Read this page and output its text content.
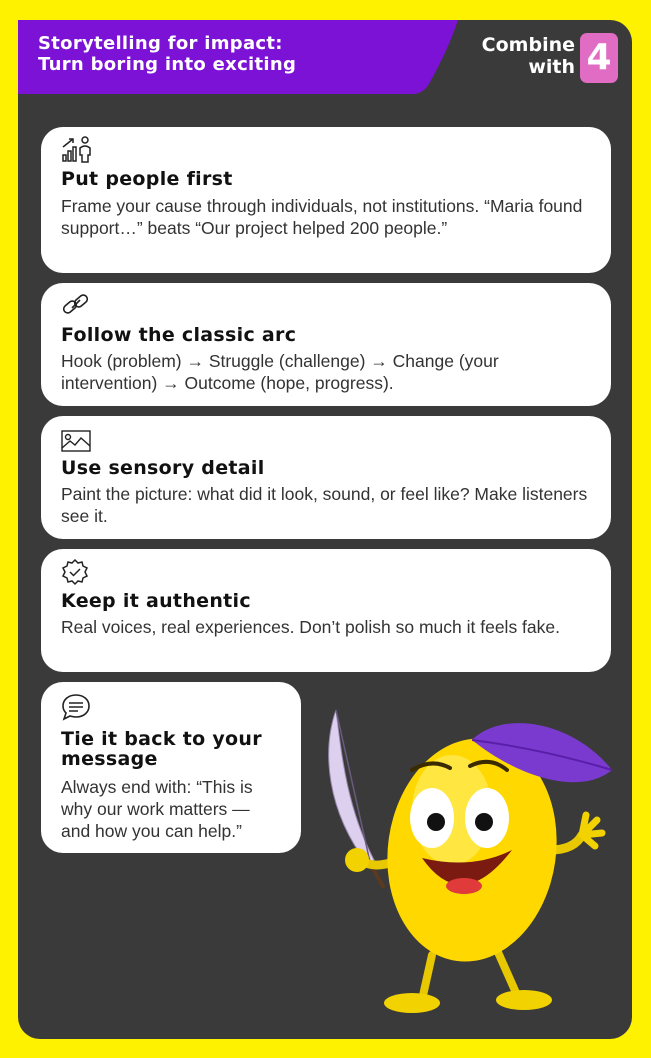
Storytelling for impact:
Turn boring into exciting
Combine
with 4
Put people first
Frame your cause through individuals, not institutions. “Maria found support…” beats “Our project helped 200 people.”
Follow the classic arc
Hook (problem) → Struggle (challenge) → Change (your intervention) → Outcome (hope, progress).
Use sensory detail
Paint the picture: what did it look, sound, or feel like? Make listeners see it.
Keep it authentic
Real voices, real experiences. Don’t polish so much it feels fake.
Tie it back to your
message
Always end with: “This is why our work matters — and how you can help.”
